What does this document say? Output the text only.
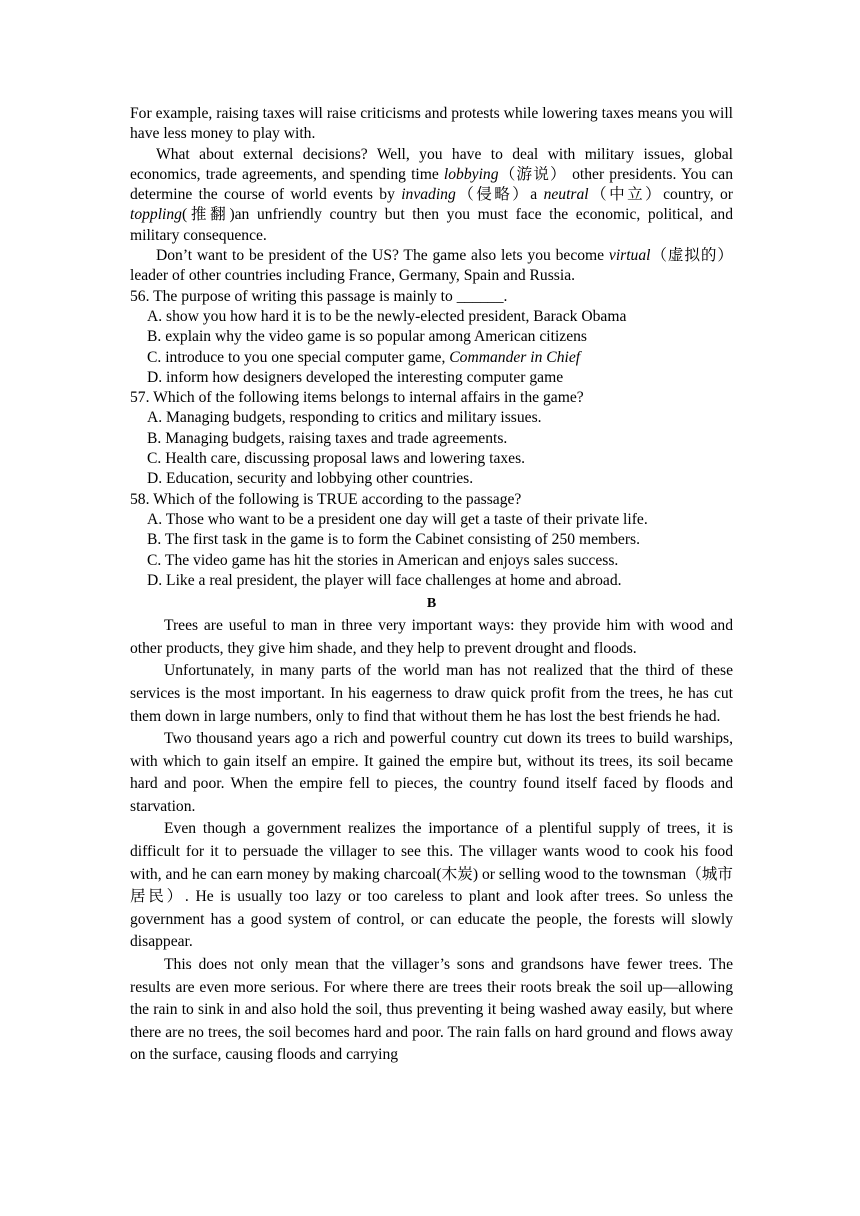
For example, raising taxes will raise criticisms and protests while lowering taxes means you will have less money to play with.

What about external decisions? Well, you have to deal with military issues, global economics, trade agreements, and spending time lobbying（游说） other presidents. You can determine the course of world events by invading（侵略）a neutral（中立）country, or toppling(推翻)an unfriendly country but then you must face the economic, political, and military consequence.

Don’t want to be president of the US? The game also lets you become virtual（虚拟的）leader of other countries including France, Germany, Spain and Russia.

56. The purpose of writing this passage is mainly to ______.

A. show you how hard it is to be the newly-elected president, Barack Obama

B. explain why the video game is so popular among American citizens

C. introduce to you one special computer game, Commander in Chief

D. inform how designers developed the interesting computer game

57. Which of the following items belongs to internal affairs in the game?

A. Managing budgets, responding to critics and military issues.

B. Managing budgets, raising taxes and trade agreements.

C. Health care, discussing proposal laws and lowering taxes.

D. Education, security and lobbying other countries.

58. Which of the following is TRUE according to the passage?

A. Those who want to be a president one day will get a taste of their private life.

B. The first task in the game is to form the Cabinet consisting of 250 members.

C. The video game has hit the stories in American and enjoys sales success.

D. Like a real president, the player will face challenges at home and abroad.

B

Trees are useful to man in three very important ways: they provide him with wood and other products, they give him shade, and they help to prevent drought and floods.

Unfortunately, in many parts of the world man has not realized that the third of these services is the most important. In his eagerness to draw quick profit from the trees, he has cut them down in large numbers, only to find that without them he has lost the best friends he had.

Two thousand years ago a rich and powerful country cut down its trees to build warships, with which to gain itself an empire. It gained the empire but, without its trees, its soil became hard and poor. When the empire fell to pieces, the country found itself faced by floods and starvation.

Even though a government realizes the importance of a plentiful supply of trees, it is difficult for it to persuade the villager to see this. The villager wants wood to cook his food with, and he can earn money by making charcoal(木炭) or selling wood to the townsman（城市居民）. He is usually too lazy or too careless to plant and look after trees. So unless the government has a good system of control, or can educate the people, the forests will slowly disappear.

This does not only mean that the villager’s sons and grandsons have fewer trees. The results are even more serious. For where there are trees their roots break the soil up—allowing the rain to sink in and also hold the soil, thus preventing it being washed away easily, but where there are no trees, the soil becomes hard and poor. The rain falls on hard ground and flows away on the surface, causing floods and carrying
